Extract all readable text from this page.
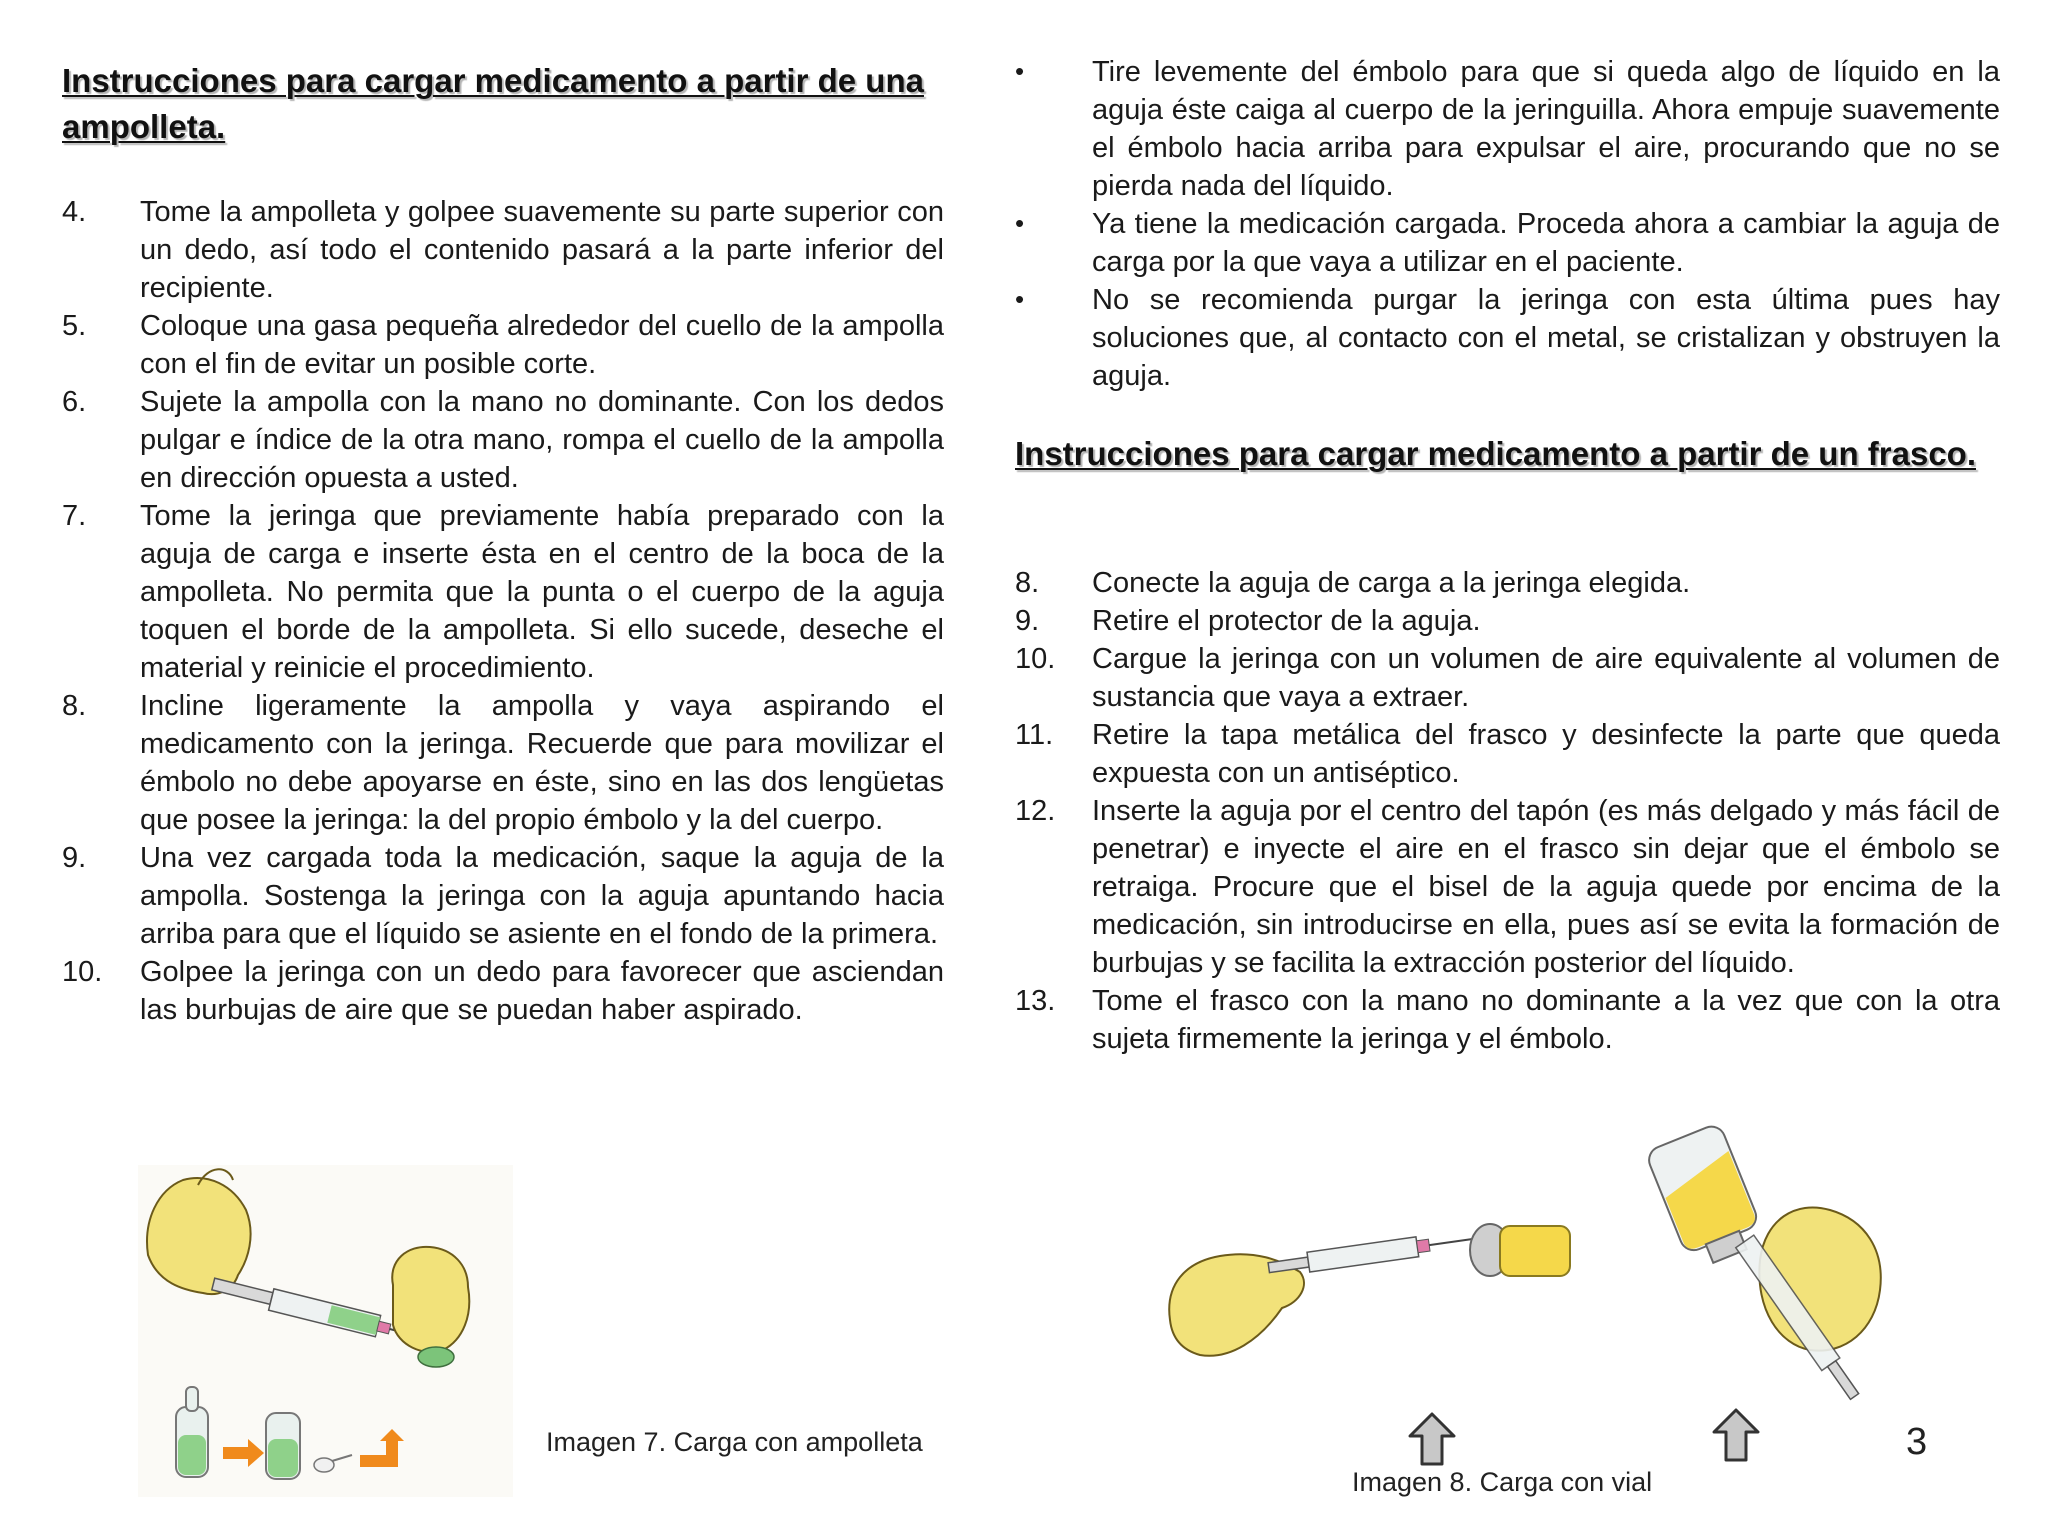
Instrucciones para cargar medicamento a partir de una ampolleta.
4. Tome la ampolleta y golpee suavemente su parte superior con un dedo, así todo el contenido pasará a la parte inferior del recipiente.
5. Coloque una gasa pequeña alrededor del cuello de la ampolla con el fin de evitar un posible corte.
6. Sujete la ampolla con la mano no dominante. Con los dedos pulgar e índice de la otra mano, rompa el cuello de la ampolla en dirección opuesta a usted.
7. Tome la jeringa que previamente había preparado con la aguja de carga e inserte ésta en el centro de la boca de la ampolleta. No permita que la punta o el cuerpo de la aguja toquen el borde de la ampolleta. Si ello sucede, deseche el material y reinicie el procedimiento.
8. Incline ligeramente la ampolla y vaya aspirando el medicamento con la jeringa. Recuerde que para movilizar el émbolo no debe apoyarse en éste, sino en las dos lengüetas que posee la jeringa: la del propio émbolo y la del cuerpo.
9. Una vez cargada toda la medicación, saque la aguja de la ampolla. Sostenga la jeringa con la aguja apuntando hacia arriba para que el líquido se asiente en el fondo de la primera.
10. Golpee la jeringa con un dedo para favorecer que asciendan las burbujas de aire que se puedan haber aspirado.
Imagen 7. Carga con ampolleta
• Tire levemente del émbolo para que si queda algo de líquido en la aguja éste caiga al cuerpo de la jeringuilla. Ahora empuje suavemente el émbolo hacia arriba para expulsar el aire, procurando que no se pierda nada del líquido.
• Ya tiene la medicación cargada. Proceda ahora a cambiar la aguja de carga por la que vaya a utilizar en el paciente.
• No se recomienda purgar la jeringa con esta última pues hay soluciones que, al contacto con el metal, se cristalizan y obstruyen la aguja.
Instrucciones para cargar medicamento a partir de un frasco.
8. Conecte la aguja de carga a la jeringa elegida.
9. Retire el protector de la aguja.
10. Cargue la jeringa con un volumen de aire equivalente al volumen de sustancia que vaya a extraer.
11. Retire la tapa metálica del frasco y desinfecte la parte que queda expuesta con un antiséptico.
12. Inserte la aguja por el centro del tapón (es más delgado y más fácil de penetrar) e inyecte el aire en el frasco sin dejar que el émbolo se retraiga. Procure que el bisel de la aguja quede por encima de la medicación, sin introducirse en ella, pues así se evita la formación de burbujas y se facilita la extracción posterior del líquido.
13. Tome el frasco con la mano no dominante a la vez que con la otra sujeta firmemente la jeringa y el émbolo.
3
Imagen 8. Carga con vial
